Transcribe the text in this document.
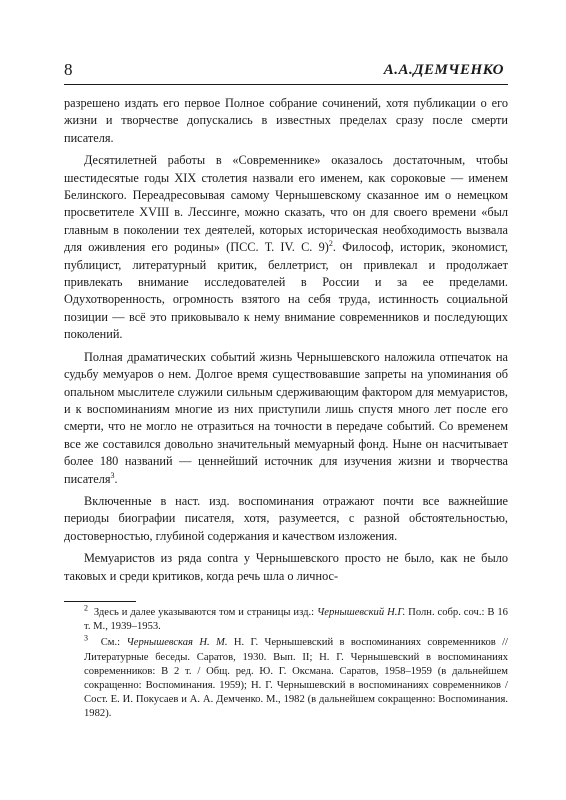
8	А.А.ДЕМЧЕНКО

разрешено издать его первое Полное собрание сочинений, хотя публикации о его жизни и творчестве допускались в известных пределах сразу после смерти писателя.

Десятилетней работы в «Современнике» оказалось достаточным, чтобы шестидесятые годы XIX столетия назвали его именем, как сороковые — именем Белинского. Переадресовывая самому Чернышевскому сказанное им о немецком просветителе XVIII в. Лессинге, можно сказать, что он для своего времени «был главным в поколении тех деятелей, которых историческая необходимость вызвала для оживления его родины» (ПСС. Т. IV. С. 9)$^2$. Философ, историк, экономист, публицист, литературный критик, беллетрист, он привлекал и продолжает привлекать внимание исследователей в России и за ее пределами. Одухотворенность, огромность взятого на себя труда, истинность социальной позиции — всё это приковывало к нему внимание современников и последующих поколений.

Полная драматических событий жизнь Чернышевского наложила отпечаток на судьбу мемуаров о нем. Долгое время существовавшие запреты на упоминания об опальном мыслителе служили сильным сдерживающим фактором для мемуаристов, и к воспоминаниям многие из них приступили лишь спустя много лет после его смерти, что не могло не отразиться на точности в передаче событий. Со временем все же составился довольно значительный мемуарный фонд. Ныне он насчитывает более 180 названий — ценнейший источник для изучения жизни и творчества писателя$^3$.

Включенные в наст. изд. воспоминания отражают почти все важнейшие периоды биографии писателя, хотя, разумеется, с разной обстоятельностью, достоверностью, глубиной содержания и качеством изложения.

Мемуаристов из ряда contra у Чернышевского просто не было, как не было таковых и среди критиков, когда речь шла о личнос-

$^2$ Здесь и далее указываются том и страницы изд.: Чернышевский Н.Г. Полн. собр. соч.: В 16 т. М., 1939–1953.

$^3$ См.: Чернышевская Н. М. Н. Г. Чернышевский в воспоминаниях современников // Литературные беседы. Саратов, 1930. Вып. II; Н. Г. Чернышевский в воспоминаниях современников: В 2 т. / Общ. ред. Ю. Г. Оксмана. Саратов, 1958–1959 (в дальнейшем сокращенно: Воспоминания. 1959); Н. Г. Чернышевский в воспоминаниях современников / Сост. Е. И. Покусаев и А. А. Демченко. М., 1982 (в дальнейшем сокращенно: Воспоминания. 1982).
